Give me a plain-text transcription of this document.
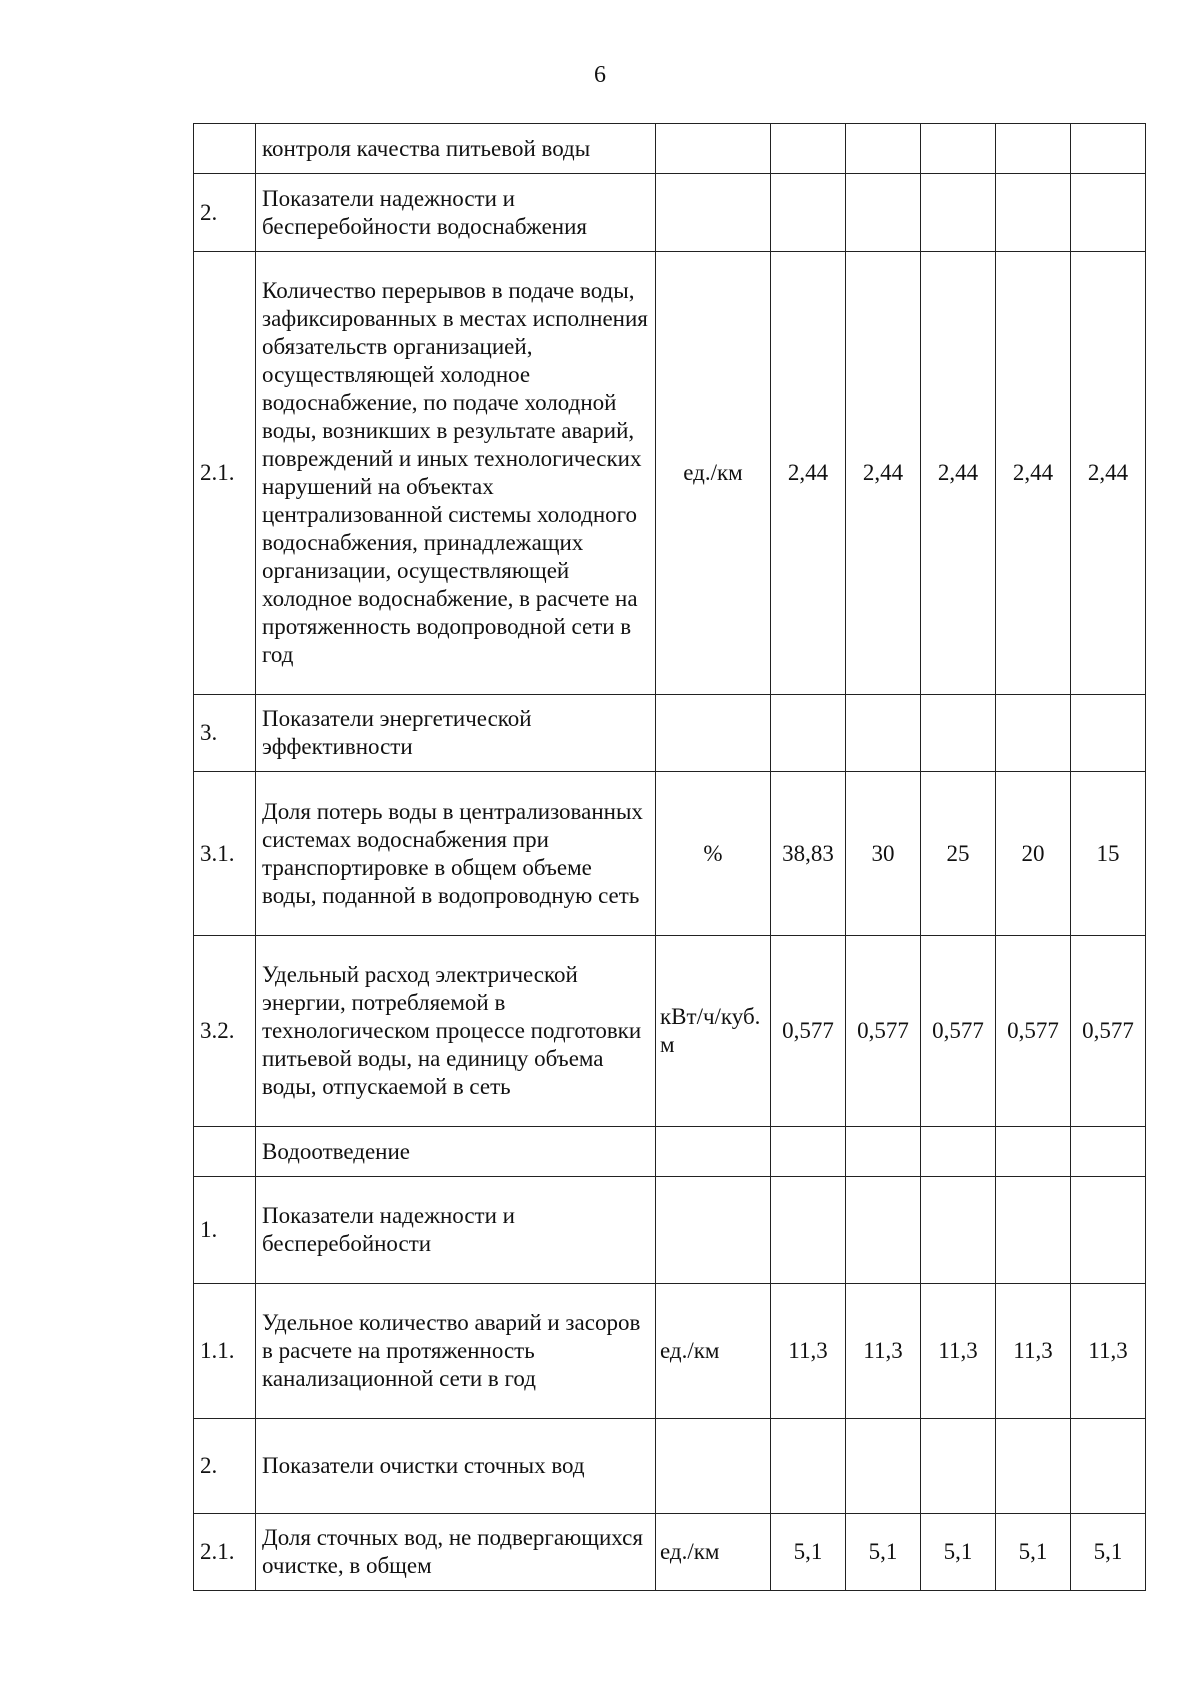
6
	контроля качества питьевой воды						
2.	Показатели надежности и бесперебойности водоснабжения						
2.1.	Количество перерывов в подаче воды, зафиксированных в местах исполнения обязательств организацией, осуществляющей холодное водоснабжение, по подаче холодной воды, возникших в результате аварий, повреждений и иных технологических нарушений на объектах централизованной системы холодного водоснабжения, принадлежащих организации, осуществляющей холодное водоснабжение, в расчете на протяженность водопроводной сети в год	ед./км	2,44	2,44	2,44	2,44	2,44
3.	Показатели энергетической эффективности						
3.1.	Доля потерь воды в централизованных системах водоснабжения при транспортировке в общем объеме воды, поданной в водопроводную сеть	%	38,83	30	25	20	15
3.2.	Удельный расход электрической энергии, потребляемой в технологическом процессе подготовки питьевой воды, на единицу объема воды, отпускаемой в сеть	кВт/ч/куб. м	0,577	0,577	0,577	0,577	0,577
	Водоотведение						
1.	Показатели надежности и бесперебойности						
1.1.	Удельное количество аварий и засоров в расчете на протяженность канализационной сети в год	ед./км	11,3	11,3	11,3	11,3	11,3
2.	Показатели очистки сточных вод						
2.1.	Доля сточных вод, не подвергающихся очистке, в общем	ед./км	5,1	5,1	5,1	5,1	5,1
